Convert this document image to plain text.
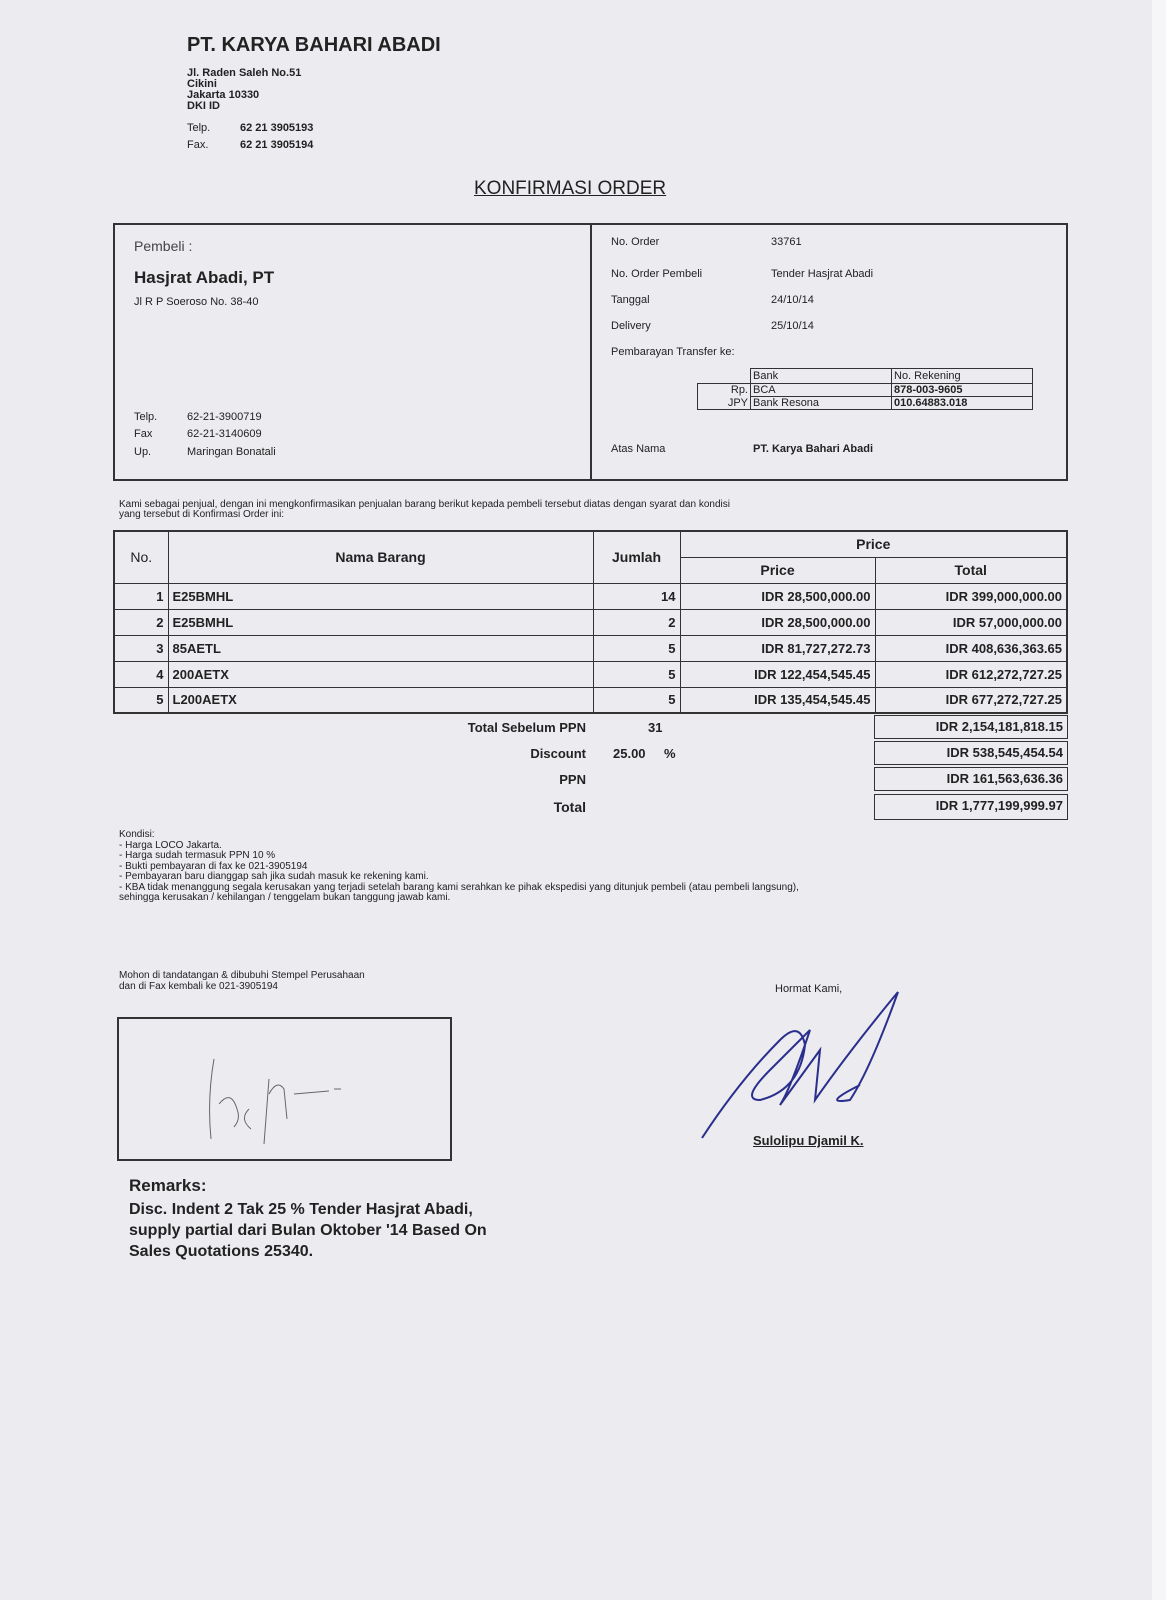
PT. KARYA BAHARI ABADI
Jl. Raden Saleh No.51
Cikini
Jakarta 10330
DKI ID
Telp.	62 21 3905193
Fax.	62 21 3905194
KONFIRMASI ORDER
Pembeli :
Hasjrat Abadi, PT
Jl R P Soeroso No. 38-40
Telp.	62-21-3900719
Fax	62-21-3140609
Up.	Maringan Bonatali
No. Order	33761
No. Order Pembeli	Tender Hasjrat Abadi
Tanggal	24/10/14
Delivery	25/10/14
Pembarayan Transfer ke:
	Bank	No. Rekening
Rp.	BCA	878-003-9605
JPY	Bank Resona	010.64883.018
Atas Nama	PT. Karya Bahari Abadi
Kami sebagai penjual, dengan ini mengkonfirmasikan penjualan barang berikut kepada pembeli tersebut diatas dengan syarat dan kondisi
yang tersebut di Konfirmasi Order ini:
No.	Nama Barang	Jumlah	Price	
			Price	Total
1	E25BMHL	14	IDR 28,500,000.00	IDR 399,000,000.00
2	E25BMHL	2	IDR 28,500,000.00	IDR 57,000,000.00
3	85AETL	5	IDR 81,727,272.73	IDR 408,636,363.65
4	200AETX	5	IDR 122,454,545.45	IDR 612,272,727.25
5	L200AETX	5	IDR 135,454,545.45	IDR 677,272,727.25
Total Sebelum PPN	31	IDR 2,154,181,818.15
Discount 25.00 %	IDR 538,545,454.54
PPN	IDR 161,563,636.36
Total	IDR 1,777,199,999.97
Kondisi:
- Harga LOCO Jakarta.
- Harga sudah termasuk PPN 10 %
- Bukti pembayaran di fax ke 021-3905194
- Pembayaran baru dianggap sah jika sudah masuk ke rekening kami.
- KBA tidak menanggung segala kerusakan yang terjadi setelah barang kami serahkan ke pihak ekspedisi yang ditunjuk pembeli (atau pembeli langsung),
sehingga kerusakan / kehilangan / tenggelam bukan tanggung jawab kami.
Mohon di tandatangan & dibubuhi Stempel Perusahaan
dan di Fax kembali ke 021-3905194	Hormat Kami,
Sulolipu Djamil K.
Remarks:
Disc. Indent 2 Tak 25 % Tender Hasjrat Abadi,
supply partial dari Bulan Oktober '14 Based On
Sales Quotations 25340.
